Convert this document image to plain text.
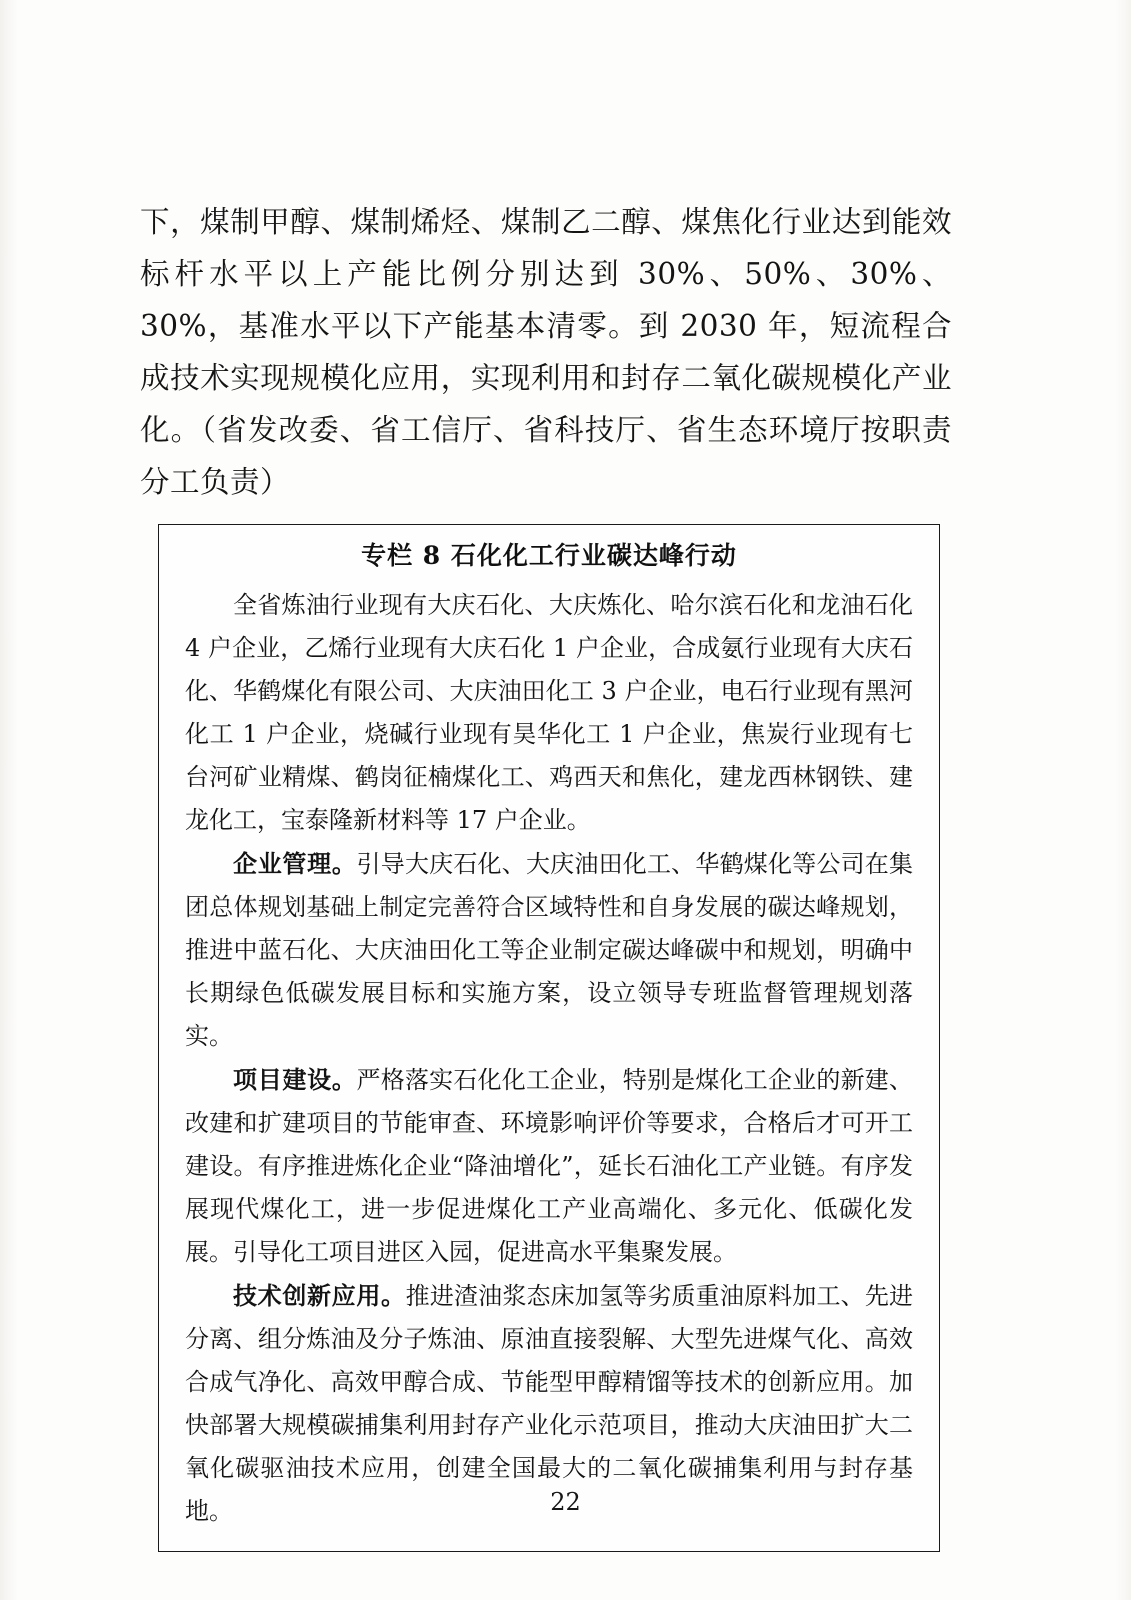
下，煤制甲醇、煤制烯烃、煤制乙二醇、煤焦化行业达到能效标杆水平以上产能比例分别达到 30%、50%、30%、30%，基准水平以下产能基本清零。到 2030 年，短流程合成技术实现规模化应用，实现利用和封存二氧化碳规模化产业化。（省发改委、省工信厅、省科技厅、省生态环境厅按职责分工负责）

专栏 8 石化化工行业碳达峰行动

全省炼油行业现有大庆石化、大庆炼化、哈尔滨石化和龙油石化 4 户企业，乙烯行业现有大庆石化 1 户企业，合成氨行业现有大庆石化、华鹤煤化有限公司、大庆油田化工 3 户企业，电石行业现有黑河化工 1 户企业，烧碱行业现有昊华化工 1 户企业，焦炭行业现有七台河矿业精煤、鹤岗征楠煤化工、鸡西天和焦化，建龙西林钢铁、建龙化工，宝泰隆新材料等 17 户企业。

企业管理。引导大庆石化、大庆油田化工、华鹤煤化等公司在集团总体规划基础上制定完善符合区域特性和自身发展的碳达峰规划，推进中蓝石化、大庆油田化工等企业制定碳达峰碳中和规划，明确中长期绿色低碳发展目标和实施方案，设立领导专班监督管理规划落实。

项目建设。严格落实石化化工企业，特别是煤化工企业的新建、改建和扩建项目的节能审查、环境影响评价等要求，合格后才可开工建设。有序推进炼化企业“降油增化”，延长石油化工产业链。有序发展现代煤化工，进一步促进煤化工产业高端化、多元化、低碳化发展。引导化工项目进区入园，促进高水平集聚发展。

技术创新应用。推进渣油浆态床加氢等劣质重油原料加工、先进分离、组分炼油及分子炼油、原油直接裂解、大型先进煤气化、高效合成气净化、高效甲醇合成、节能型甲醇精馏等技术的创新应用。加快部署大规模碳捕集利用封存产业化示范项目，推动大庆油田扩大二氧化碳驱油技术应用，创建全国最大的二氧化碳捕集利用与封存基地。	22
